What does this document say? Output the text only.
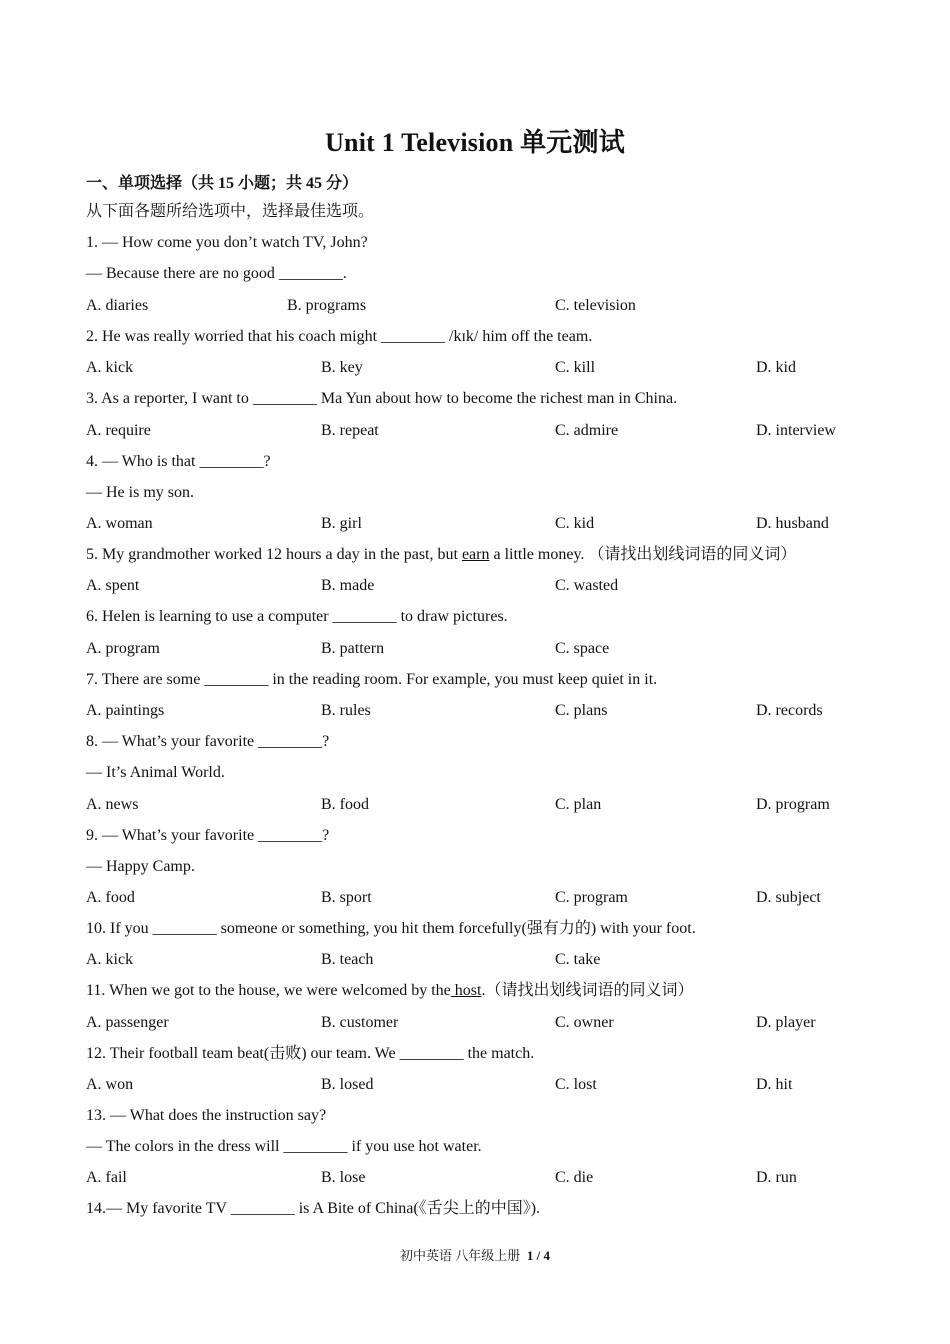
Unit 1 Television 单元测试
一、单项选择（共 15 小题；共 45 分）
从下面各题所给选项中，选择最佳选项。
1. — How come you don’t watch TV, John?
— Because there are no good ________.
A. diaries	B. programs	C. television
2. He was really worried that his coach might ________ /kɪk/ him off the team.
A. kick	B. key	C. kill	D. kid
3. As a reporter, I want to ________ Ma Yun about how to become the richest man in China.
A. require	B. repeat	C. admire	D. interview
4. — Who is that ________?
— He is my son.
A. woman	B. girl	C. kid	D. husband
5. My grandmother worked 12 hours a day in the past, but earn a little money. （请找出划线词语的同义词）
A. spent	B. made	C. wasted
6. Helen is learning to use a computer ________ to draw pictures.
A. program	B. pattern	C. space
7. There are some ________ in the reading room. For example, you must keep quiet in it.
A. paintings	B. rules	C. plans	D. records
8. — What’s your favorite ________?
— It’s Animal World.
A. news	B. food	C. plan	D. program
9. — What’s your favorite ________?
— Happy Camp.
A. food	B. sport	C. program	D. subject
10. If you ________ someone or something, you hit them forcefully(强有力的) with your foot.
A. kick	B. teach	C. take
11. When we got to the house, we were welcomed by the host.（请找出划线词语的同义词）
A. passenger	B. customer	C. owner	D. player
12. Their football team beat(击败) our team. We ________ the match.
A. won	B. losed	C. lost	D. hit
13. — What does the instruction say?
— The colors in the dress will ________ if you use hot water.
A. fail	B. lose	C. die	D. run
14.— My favorite TV ________ is A Bite of China(《舌尖上的中国》).
初中英语 八年级上册 1 / 4
